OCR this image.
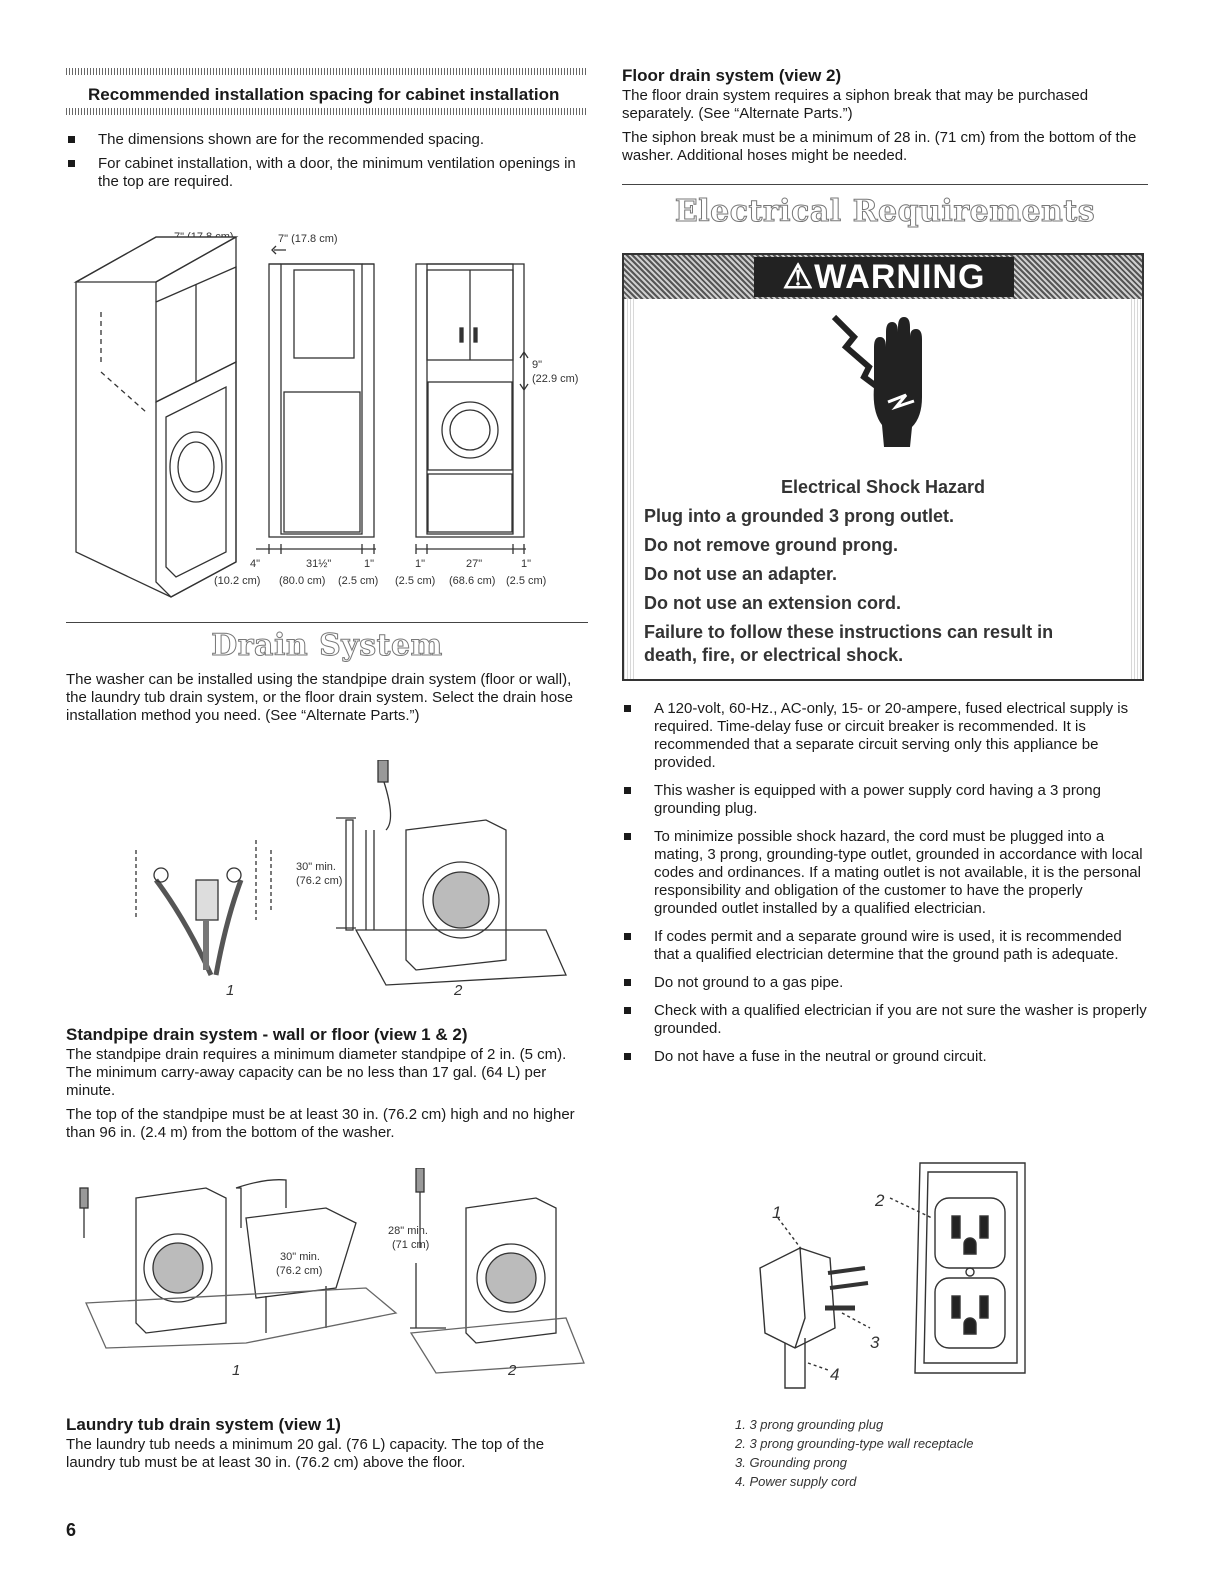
Recommended installation spacing for cabinet installation
The dimensions shown are for the recommended spacing.
For cabinet installation, with a door, the minimum ventilation openings in the top are required.
7" (17.8 cm)
9"
(22.9 cm)
4"	31½"	1"	1"	27"	1"
(10.2 cm) (80.0 cm) (2.5 cm) (2.5 cm) (68.6 cm) (2.5 cm)
Drain System

The washer can be installed using the standpipe drain system (floor or wall), the laundry tub drain system, or the floor drain system. Select the drain hose installation method you need. (See “Alternate Parts.”)

30" min.
(76.2 cm)
1	2
Standpipe drain system - wall or floor (view 1 & 2)

The standpipe drain requires a minimum diameter standpipe of 2 in. (5 cm). The minimum carry-away capacity can be no less than 17 gal. (64 L) per minute.

The top of the standpipe must be at least 30 in. (76.2 cm) high and no higher than 96 in. (2.4 m) from the bottom of the washer.

30" min.
(76.2 cm)
28" min.
(71 cm)
1	2
Laundry tub drain system (view 1)

The laundry tub needs a minimum 20 gal. (76 L) capacity. The top of the laundry tub must be at least 30 in. (76.2 cm) above the floor.

6
Floor drain system (view 2)

The floor drain system requires a siphon break that may be purchased separately. (See “Alternate Parts.”)

The siphon break must be a minimum of 28 in. (71 cm) from the bottom of the washer. Additional hoses might be needed.

Electrical Requirements
⚠WARNING
Electrical Shock Hazard
Plug into a grounded 3 prong outlet.
Do not remove ground prong.
Do not use an adapter.
Do not use an extension cord.
Failure to follow these instructions can result in
death, fire, or electrical shock.
A 120-volt, 60-Hz., AC-only, 15- or 20-ampere, fused electrical supply is required. Time-delay fuse or circuit breaker is recommended. It is recommended that a separate circuit serving only this appliance be provided.
This washer is equipped with a power supply cord having a 3 prong grounding plug.
To minimize possible shock hazard, the cord must be plugged into a mating, 3 prong, grounding-type outlet, grounded in accordance with local codes and ordinances. If a mating outlet is not available, it is the personal responsibility and obligation of the customer to have the properly grounded outlet installed by a qualified electrician.
If codes permit and a separate ground wire is used, it is recommended that a qualified electrician determine that the ground path is adequate.
Do not ground to a gas pipe.
Check with a qualified electrician if you are not sure the washer is properly grounded.
Do not have a fuse in the neutral or ground circuit.
1
2
3
4
1. 3 prong grounding plug
2. 3 prong grounding-type wall receptacle
3. Grounding prong
4. Power supply cord
